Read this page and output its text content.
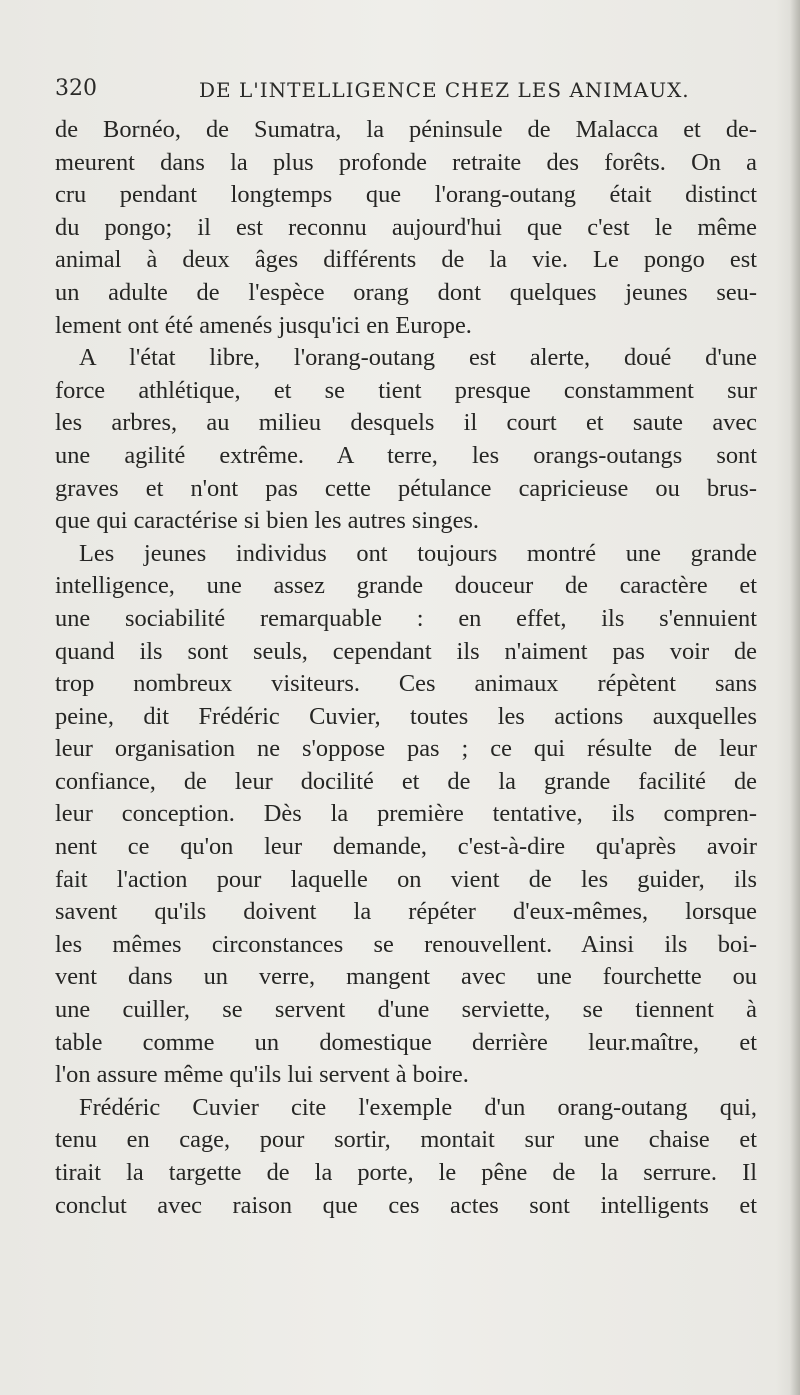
320	DE L'INTELLIGENCE CHEZ LES ANIMAUX.

de Bornéo, de Sumatra, la péninsule de Malacca et de-
meurent dans la plus profonde retraite des forêts. On a
cru pendant longtemps que l'orang-outang était distinct
du pongo; il est reconnu aujourd'hui que c'est le même
animal à deux âges différents de la vie. Le pongo est
un adulte de l'espèce orang dont quelques jeunes seu-
lement ont été amenés jusqu'ici en Europe.

A l'état libre, l'orang-outang est alerte, doué d'une
force athlétique, et se tient presque constamment sur
les arbres, au milieu desquels il court et saute avec
une agilité extrême. A terre, les orangs-outangs sont
graves et n'ont pas cette pétulance capricieuse ou brus-
que qui caractérise si bien les autres singes.

Les jeunes individus ont toujours montré une grande
intelligence, une assez grande douceur de caractère et
une sociabilité remarquable : en effet, ils s'ennuient
quand ils sont seuls, cependant ils n'aiment pas voir de
trop nombreux visiteurs. Ces animaux répètent sans
peine, dit Frédéric Cuvier, toutes les actions auxquelles
leur organisation ne s'oppose pas ; ce qui résulte de leur
confiance, de leur docilité et de la grande facilité de
leur conception. Dès la première tentative, ils compren-
nent ce qu'on leur demande, c'est-à-dire qu'après avoir
fait l'action pour laquelle on vient de les guider, ils
savent qu'ils doivent la répéter d'eux-mêmes, lorsque
les mêmes circonstances se renouvellent. Ainsi ils boi-
vent dans un verre, mangent avec une fourchette ou
une cuiller, se servent d'une serviette, se tiennent à
table comme un domestique derrière leur.maître, et
l'on assure même qu'ils lui servent à boire.

Frédéric Cuvier cite l'exemple d'un orang-outang qui,
tenu en cage, pour sortir, montait sur une chaise et
tirait la targette de la porte, le pêne de la serrure. Il
conclut avec raison que ces actes sont intelligents et
